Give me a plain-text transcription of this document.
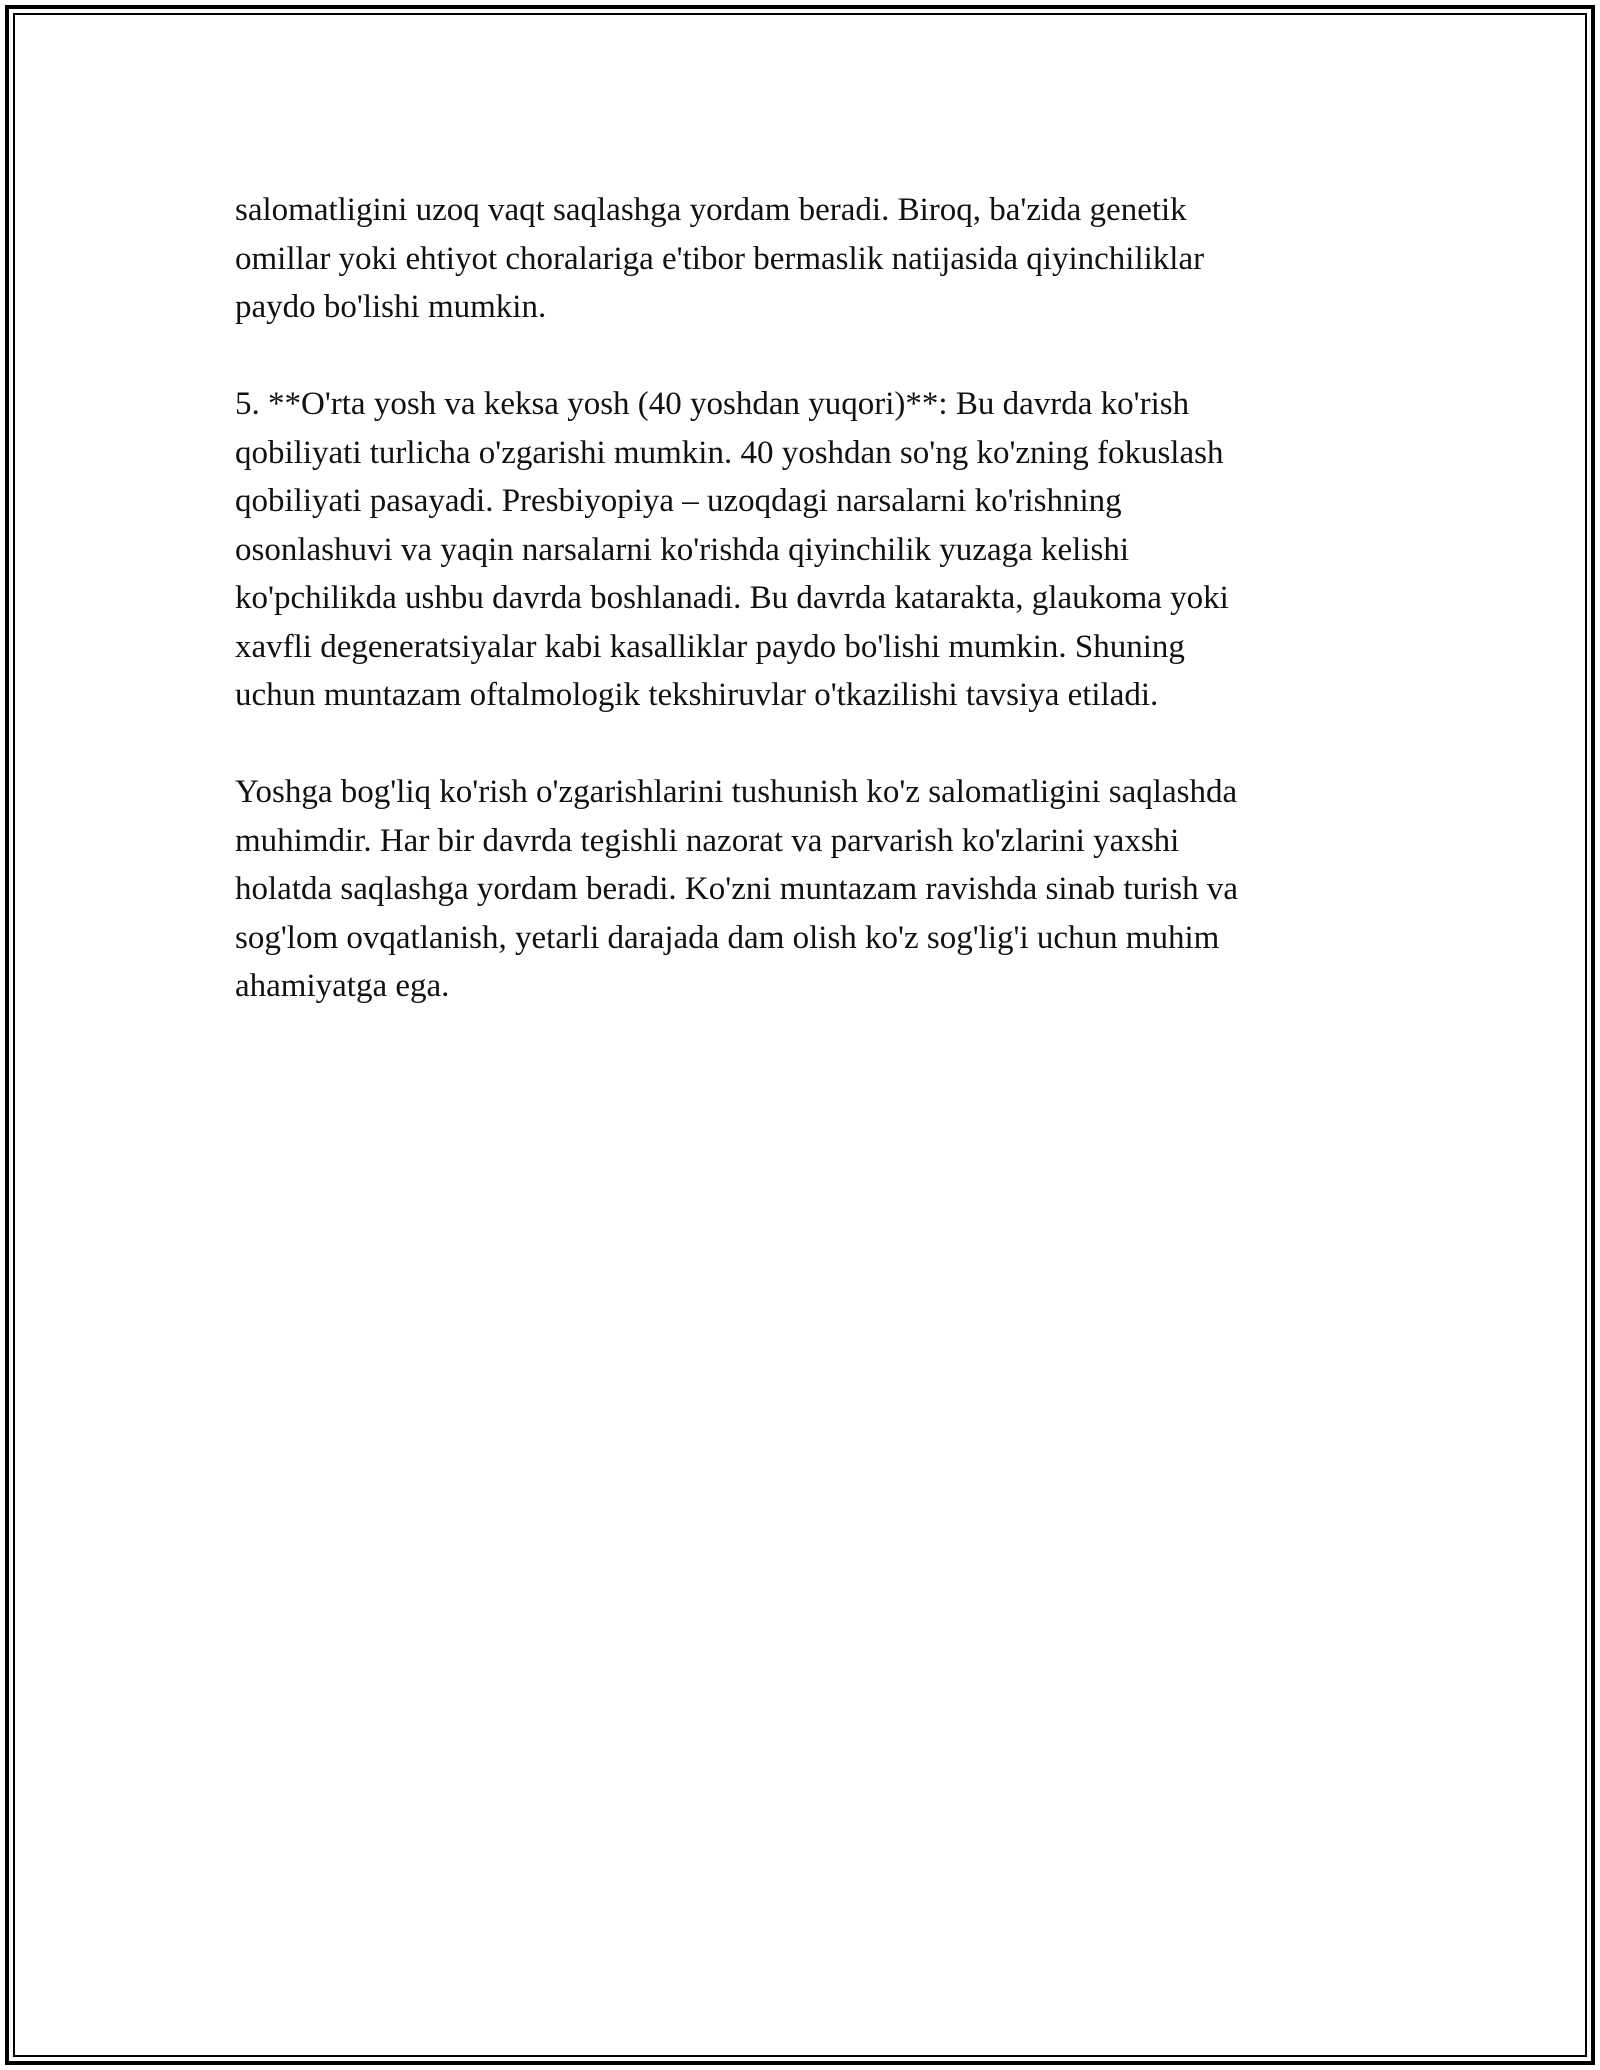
salomatligini uzoq vaqt saqlashga yordam beradi. Biroq, ba'zida genetik
omillar yoki ehtiyot choralariga e'tibor bermaslik natijasida qiyinchiliklar
paydo bo'lishi mumkin.

5. **O'rta yosh va keksa yosh (40 yoshdan yuqori)**: Bu davrda ko'rish
qobiliyati turlicha o'zgarishi mumkin. 40 yoshdan so'ng ko'zning fokuslash
qobiliyati pasayadi. Presbiyopiya – uzoqdagi narsalarni ko'rishning
osonlashuvi va yaqin narsalarni ko'rishda qiyinchilik yuzaga kelishi
ko'pchilikda ushbu davrda boshlanadi. Bu davrda katarakta, glaukoma yoki
xavfli degeneratsiyalar kabi kasalliklar paydo bo'lishi mumkin. Shuning
uchun muntazam oftalmologik tekshiruvlar o'tkazilishi tavsiya etiladi.

Yoshga bog'liq ko'rish o'zgarishlarini tushunish ko'z salomatligini saqlashda
muhimdir. Har bir davrda tegishli nazorat va parvarish ko'zlarini yaxshi
holatda saqlashga yordam beradi. Ko'zni muntazam ravishda sinab turish va
sog'lom ovqatlanish, yetarli darajada dam olish ko'z sog'lig'i uchun muhim
ahamiyatga ega.
